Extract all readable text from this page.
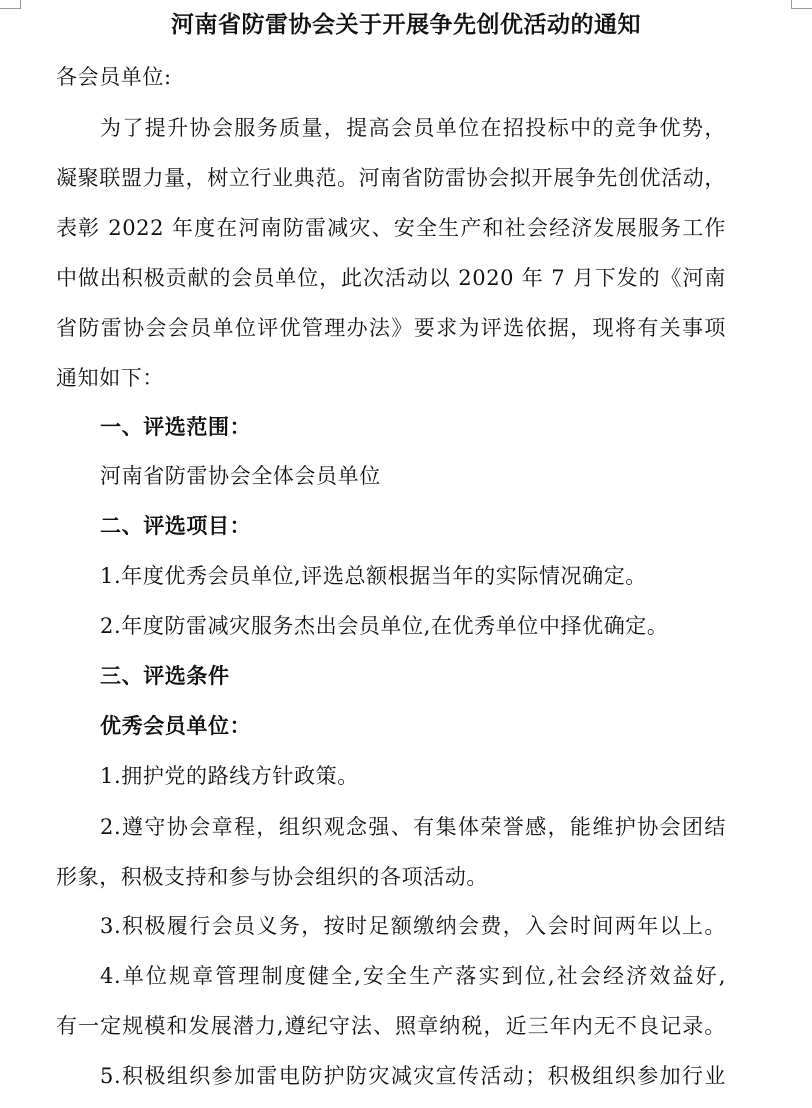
河南省防雷协会关于开展争先创优活动的通知
各会员单位:
为了提升协会服务质量，提高会员单位在招投标中的竞争优势，
凝聚联盟力量，树立行业典范。河南省防雷协会拟开展争先创优活动，
表彰 2022 年度在河南防雷减灾、安全生产和社会经济发展服务工作
中做出积极贡献的会员单位，此次活动以 2020 年 7 月下发的《河南
省防雷协会会员单位评优管理办法》要求为评选依据，现将有关事项
通知如下：
一、评选范围：
河南省防雷协会全体会员单位
二、评选项目：
1.年度优秀会员单位,评选总额根据当年的实际情况确定。
2.年度防雷减灾服务杰出会员单位,在优秀单位中择优确定。
三、评选条件
优秀会员单位：
1.拥护党的路线方针政策。
2.遵守协会章程，组织观念强、有集体荣誉感，能维护协会团结
形象，积极支持和参与协会组织的各项活动。
3.积极履行会员义务，按时足额缴纳会费，入会时间两年以上。
4.单位规章管理制度健全,安全生产落实到位,社会经济效益好,
有一定规模和发展潜力,遵纪守法、照章纳税，近三年内无不良记录。
5.积极组织参加雷电防护防灾减灾宣传活动；积极组织参加行业
